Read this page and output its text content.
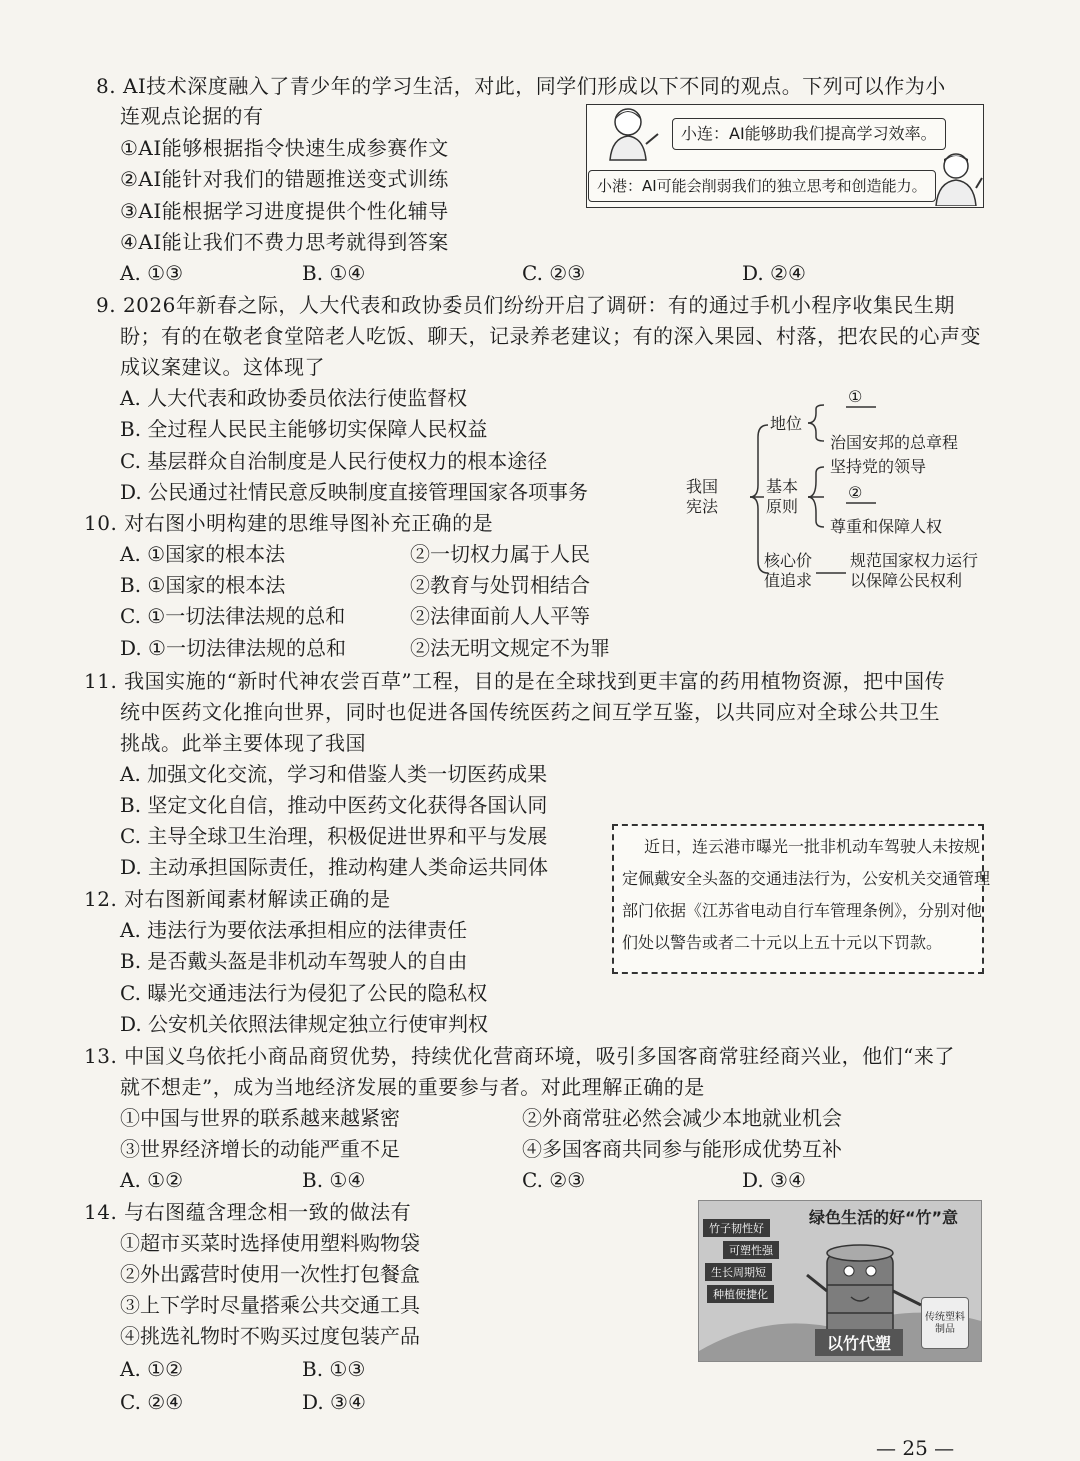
8. AI技术深度融入了青少年的学习生活，对此，同学们形成以下不同的观点。下列可以作为小
连观点论据的有
①AI能够根据指令快速生成参赛作文
②AI能针对我们的错题推送变式训练
③AI能根据学习进度提供个性化辅导
④AI能让我们不费力思考就得到答案
A. ①③	B. ①④	C. ②③	D. ②④
小连：AI能够助我们提高学习效率。
小港：AI可能会削弱我们的独立思考和创造能力。
9. 2026年新春之际，人大代表和政协委员们纷纷开启了调研：有的通过手机小程序收集民生期
盼；有的在敬老食堂陪老人吃饭、聊天，记录养老建议；有的深入果园、村落，把农民的心声变
成议案建议。这体现了
A. 人大代表和政协委员依法行使监督权
B. 全过程人民民主能够切实保障人民权益
C. 基层群众自治制度是人民行使权力的根本途径
D. 公民通过社情民意反映制度直接管理国家各项事务	我国
宪法
地位
①
治国安邦的总章程
基本
原则
坚持党的领导
②
尊重和保障人权
核心价
值追求
规范国家权力运行
以保障公民权利
10. 对右图小明构建的思维导图补充正确的是
A. ①国家的根本法	②一切权力属于人民
B. ①国家的根本法	②教育与处罚相结合
C. ①一切法律法规的总和	②法律面前人人平等
D. ①一切法律法规的总和	②法无明文规定不为罪
11. 我国实施的“新时代神农尝百草”工程，目的是在全球找到更丰富的药用植物资源，把中国传
统中医药文化推向世界，同时也促进各国传统医药之间互学互鉴，以共同应对全球公共卫生
挑战。此举主要体现了我国
A. 加强文化交流，学习和借鉴人类一切医药成果
B. 坚定文化自信，推动中医药文化获得各国认同
C. 主导全球卫生治理，积极促进世界和平与发展
D. 主动承担国际责任，推动构建人类命运共同体
近日，连云港市曝光一批非机动车驾驶人未按规
定佩戴安全头盔的交通违法行为，公安机关交通管理
部门依据《江苏省电动自行车管理条例》，分别对他
们处以警告或者二十元以上五十元以下罚款。
12. 对右图新闻素材解读正确的是
A. 违法行为要依法承担相应的法律责任
B. 是否戴头盔是非机动车驾驶人的自由
C. 曝光交通违法行为侵犯了公民的隐私权
D. 公安机关依照法律规定独立行使审判权
13. 中国义乌依托小商品商贸优势，持续优化营商环境，吸引多国客商常驻经商兴业，他们“来了
就不想走”，成为当地经济发展的重要参与者。对此理解正确的是
①中国与世界的联系越来越紧密	②外商常驻必然会减少本地就业机会
③世界经济增长的动能严重不足	④多国客商共同参与能形成优势互补
A. ①②	B. ①④	C. ②③	D. ③④
14. 与右图蕴含理念相一致的做法有
①超市买菜时选择使用塑料购物袋
②外出露营时使用一次性打包餐盒
③上下学时尽量搭乘公共交通工具
④挑选礼物时不购买过度包装产品
A. ①②	B. ①③
C. ②④	D. ③④
绿色生活的好“竹”意
竹子韧性好
可塑性强
生长周期短
种植便捷化
传统塑料制品
以竹代塑
— 25 —
